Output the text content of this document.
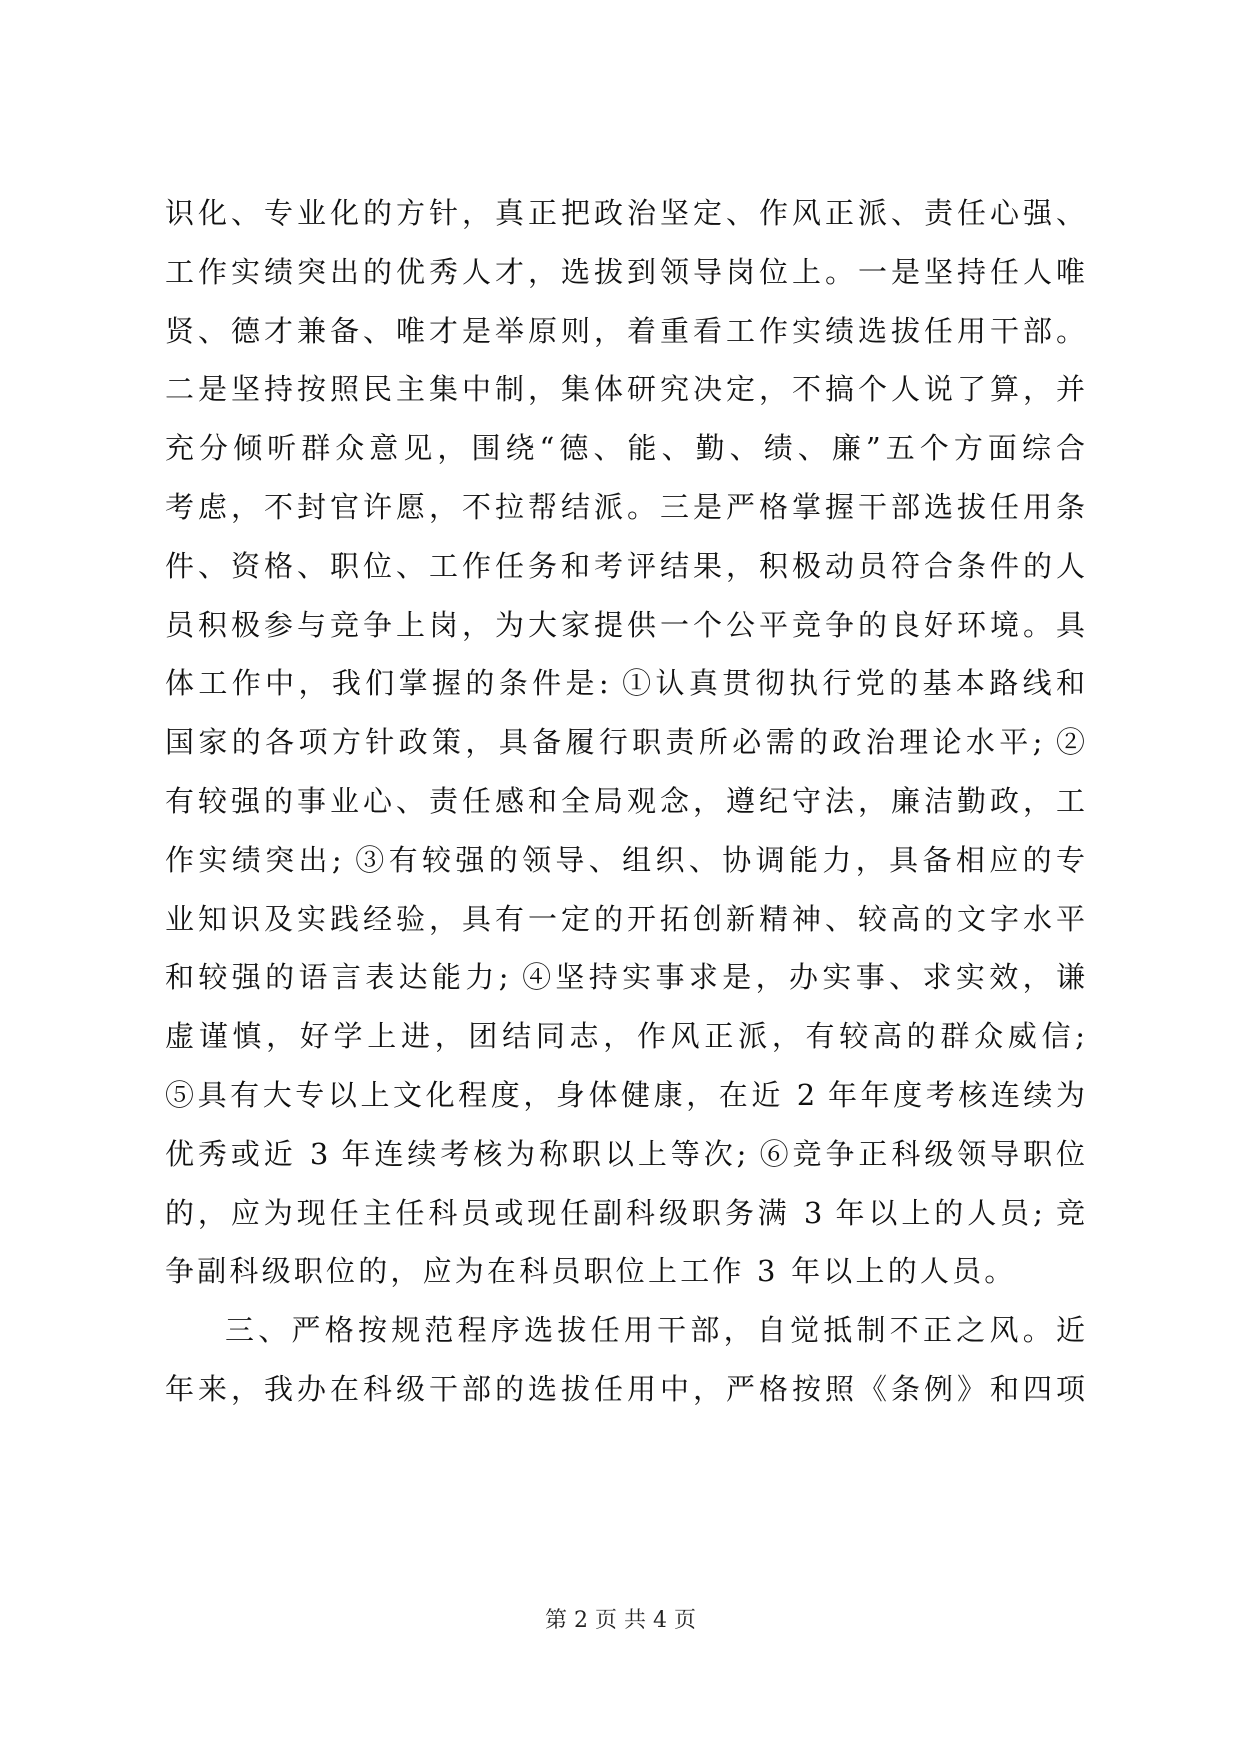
识化、专业化的方针，真正把政治坚定、作风正派、责任心强、
工作实绩突出的优秀人才，选拔到领导岗位上。一是坚持任人唯
贤、德才兼备、唯才是举原则，着重看工作实绩选拔任用干部。
二是坚持按照民主集中制，集体研究决定，不搞个人说了算，并
充分倾听群众意见，围绕“德、能、勤、绩、廉”五个方面综合
考虑，不封官许愿，不拉帮结派。三是严格掌握干部选拔任用条
件、资格、职位、工作任务和考评结果，积极动员符合条件的人
员积极参与竞争上岗，为大家提供一个公平竞争的良好环境。具
体工作中，我们掌握的条件是: ①认真贯彻执行党的基本路线和
国家的各项方针政策，具备履行职责所必需的政治理论水平; ②
有较强的事业心、责任感和全局观念，遵纪守法，廉洁勤政，工
作实绩突出; ③有较强的领导、组织、协调能力，具备相应的专
业知识及实践经验，具有一定的开拓创新精神、较高的文字水平
和较强的语言表达能力; ④坚持实事求是，办实事、求实效，谦
虚谨慎，好学上进，团结同志，作风正派，有较高的群众威信;
⑤具有大专以上文化程度，身体健康，在近 2 年年度考核连续为
优秀或近 3 年连续考核为称职以上等次; ⑥竞争正科级领导职位
的，应为现任主任科员或现任副科级职务满 3 年以上的人员; 竞
争副科级职位的，应为在科员职位上工作 3 年以上的人员。
三、严格按规范程序选拔任用干部，自觉抵制不正之风。近
年来，我办在科级干部的选拔任用中，严格按照《条例》和四项
第 2 页 共 4 页
